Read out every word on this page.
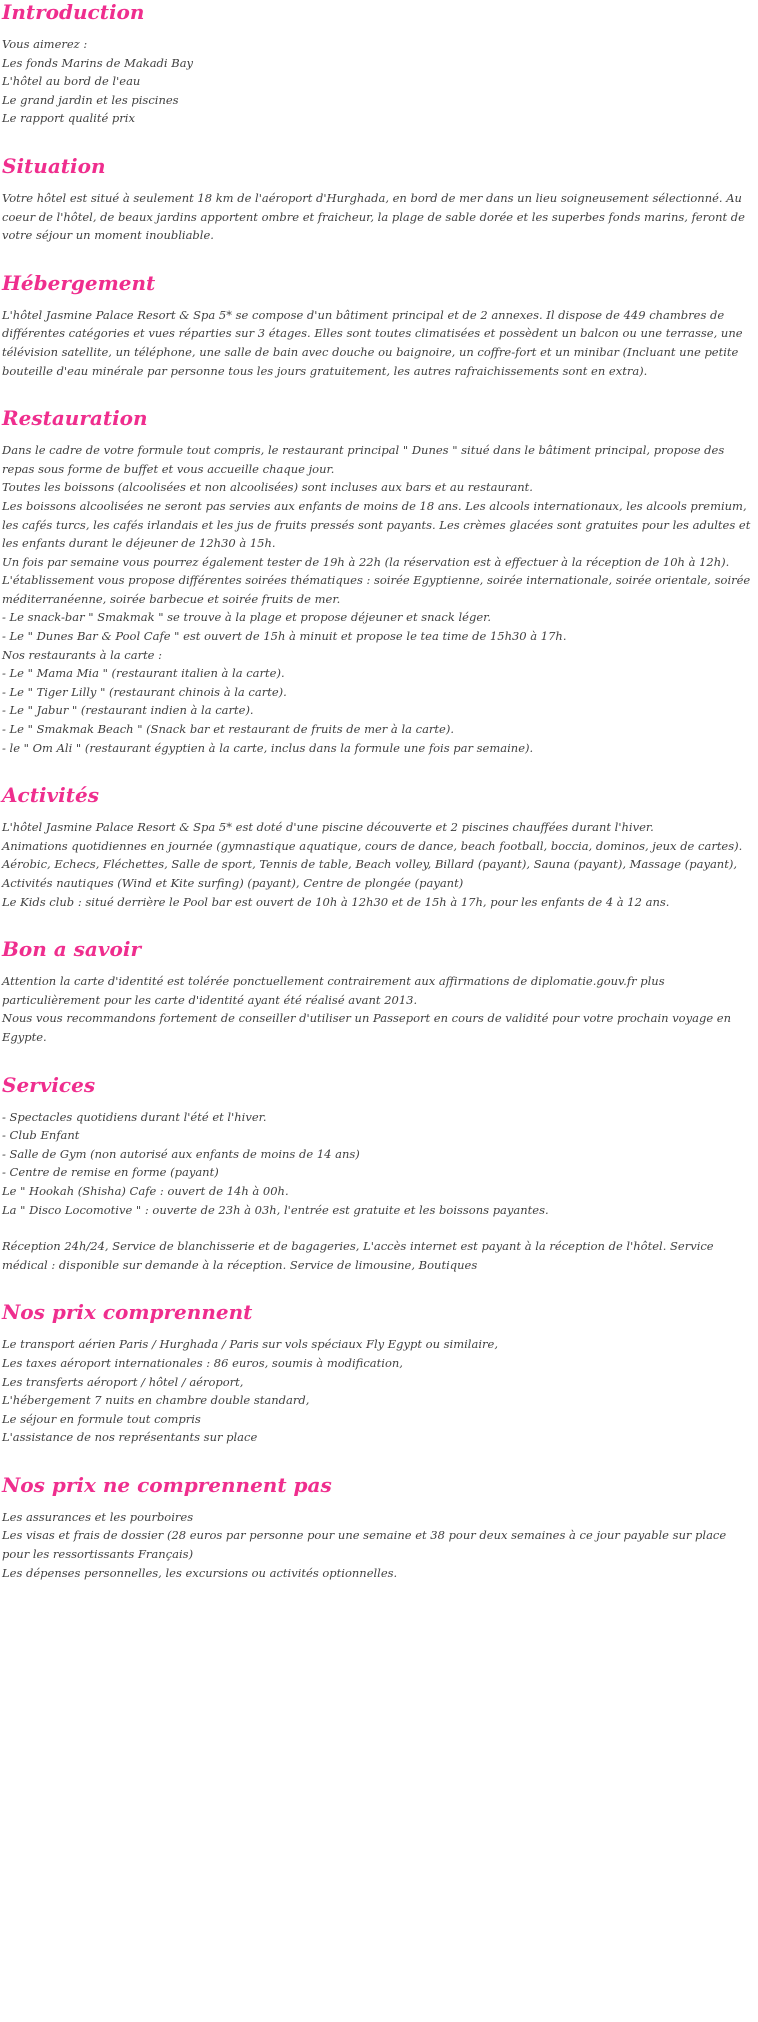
Introduction

Vous aimerez :

Les fonds Marins de Makadi Bay

L'hôtel au bord de l'eau

Le grand jardin et les piscines

Le rapport qualité prix

Situation

Votre hôtel est situé à seulement 18 km de l'aéroport d'Hurghada, en bord de mer dans un lieu soigneusement sélectionné. Au coeur de l'hôtel, de beaux jardins apportent ombre et fraicheur, la plage de sable dorée et les superbes fonds marins, feront de votre séjour un moment inoubliable.

Hébergement

L'hôtel Jasmine Palace Resort & Spa 5* se compose d'un bâtiment principal et de 2 annexes. Il dispose de 449 chambres de différentes catégories et vues réparties sur 3 étages. Elles sont toutes climatisées et possèdent un balcon ou une terrasse, une télévision satellite, un téléphone, une salle de bain avec douche ou baignoire, un coffre-fort et un minibar (Incluant une petite bouteille d'eau minérale par personne tous les jours gratuitement, les autres rafraichissements sont en extra).

Restauration

Dans le cadre de votre formule tout compris, le restaurant principal " Dunes " situé dans le bâtiment principal, propose des repas sous forme de buffet et vous accueille chaque jour.

Toutes les boissons (alcoolisées et non alcoolisées) sont incluses aux bars et au restaurant.

Les boissons alcoolisées ne seront pas servies aux enfants de moins de 18 ans. Les alcools internationaux, les alcools premium, les cafés turcs, les cafés irlandais et les jus de fruits pressés sont payants. Les crèmes glacées sont gratuites pour les adultes et les enfants durant le déjeuner de 12h30 à 15h.

Un fois par semaine vous pourrez également tester de 19h à 22h (la réservation est à effectuer à la réception de 10h à 12h).

L'établissement vous propose différentes soirées thématiques : soirée Egyptienne, soirée internationale, soirée orientale, soirée méditerranéenne, soirée barbecue et soirée fruits de mer.

- Le snack-bar " Smakmak " se trouve à la plage et propose déjeuner et snack léger.

- Le " Dunes Bar & Pool Cafe " est ouvert de 15h à minuit et propose le tea time de 15h30 à 17h.

Nos restaurants à la carte :

- Le " Mama Mia " (restaurant italien à la carte).

- Le " Tiger Lilly " (restaurant chinois à la carte).

- Le " Jabur " (restaurant indien à la carte).

- Le " Smakmak Beach " (Snack bar et restaurant de fruits de mer à la carte).

- le " Om Ali " (restaurant égyptien à la carte, inclus dans la formule une fois par semaine).

Activités

L'hôtel Jasmine Palace Resort & Spa 5* est doté d'une piscine découverte et 2 piscines chauffées durant l'hiver.

Animations quotidiennes en journée (gymnastique aquatique, cours de dance, beach football, boccia, dominos, jeux de cartes). Aérobic, Echecs, Fléchettes, Salle de sport, Tennis de table, Beach volley, Billard (payant), Sauna (payant), Massage (payant), Activités nautiques (Wind et Kite surfing) (payant), Centre de plongée (payant)

Le Kids club : situé derrière le Pool bar est ouvert de 10h à 12h30 et de 15h à 17h, pour les enfants de 4 à 12 ans.

Bon a savoir

Attention la carte d'identité est tolérée ponctuellement contrairement aux affirmations de diplomatie.gouv.fr plus particulièrement pour les carte d'identité ayant été réalisé avant 2013.

Nous vous recommandons fortement de conseiller d'utiliser un Passeport en cours de validité pour votre prochain voyage en Egypte.

Services

- Spectacles quotidiens durant l'été et l'hiver.

- Club Enfant

- Salle de Gym (non autorisé aux enfants de moins de 14 ans)

- Centre de remise en forme (payant)

Le " Hookah (Shisha) Cafe : ouvert de 14h à 00h.

La " Disco Locomotive " : ouverte de 23h à 03h, l'entrée est gratuite et les boissons payantes.

Réception 24h/24, Service de blanchisserie et de bagageries, L'accès internet est payant à la réception de l'hôtel. Service médical : disponible sur demande à la réception. Service de limousine, Boutiques

Nos prix comprennent

Le transport aérien Paris / Hurghada / Paris sur vols spéciaux Fly Egypt ou similaire,

Les taxes aéroport internationales : 86 euros, soumis à modification,

Les transferts aéroport / hôtel / aéroport,

L'hébergement 7 nuits en chambre double standard,

Le séjour en formule tout compris

L'assistance de nos représentants sur place

Nos prix ne comprennent pas

Les assurances et les pourboires

Les visas et frais de dossier (28 euros par personne pour une semaine et 38 pour deux semaines à ce jour payable sur place pour les ressortissants Français)

Les dépenses personnelles, les excursions ou activités optionnelles.
